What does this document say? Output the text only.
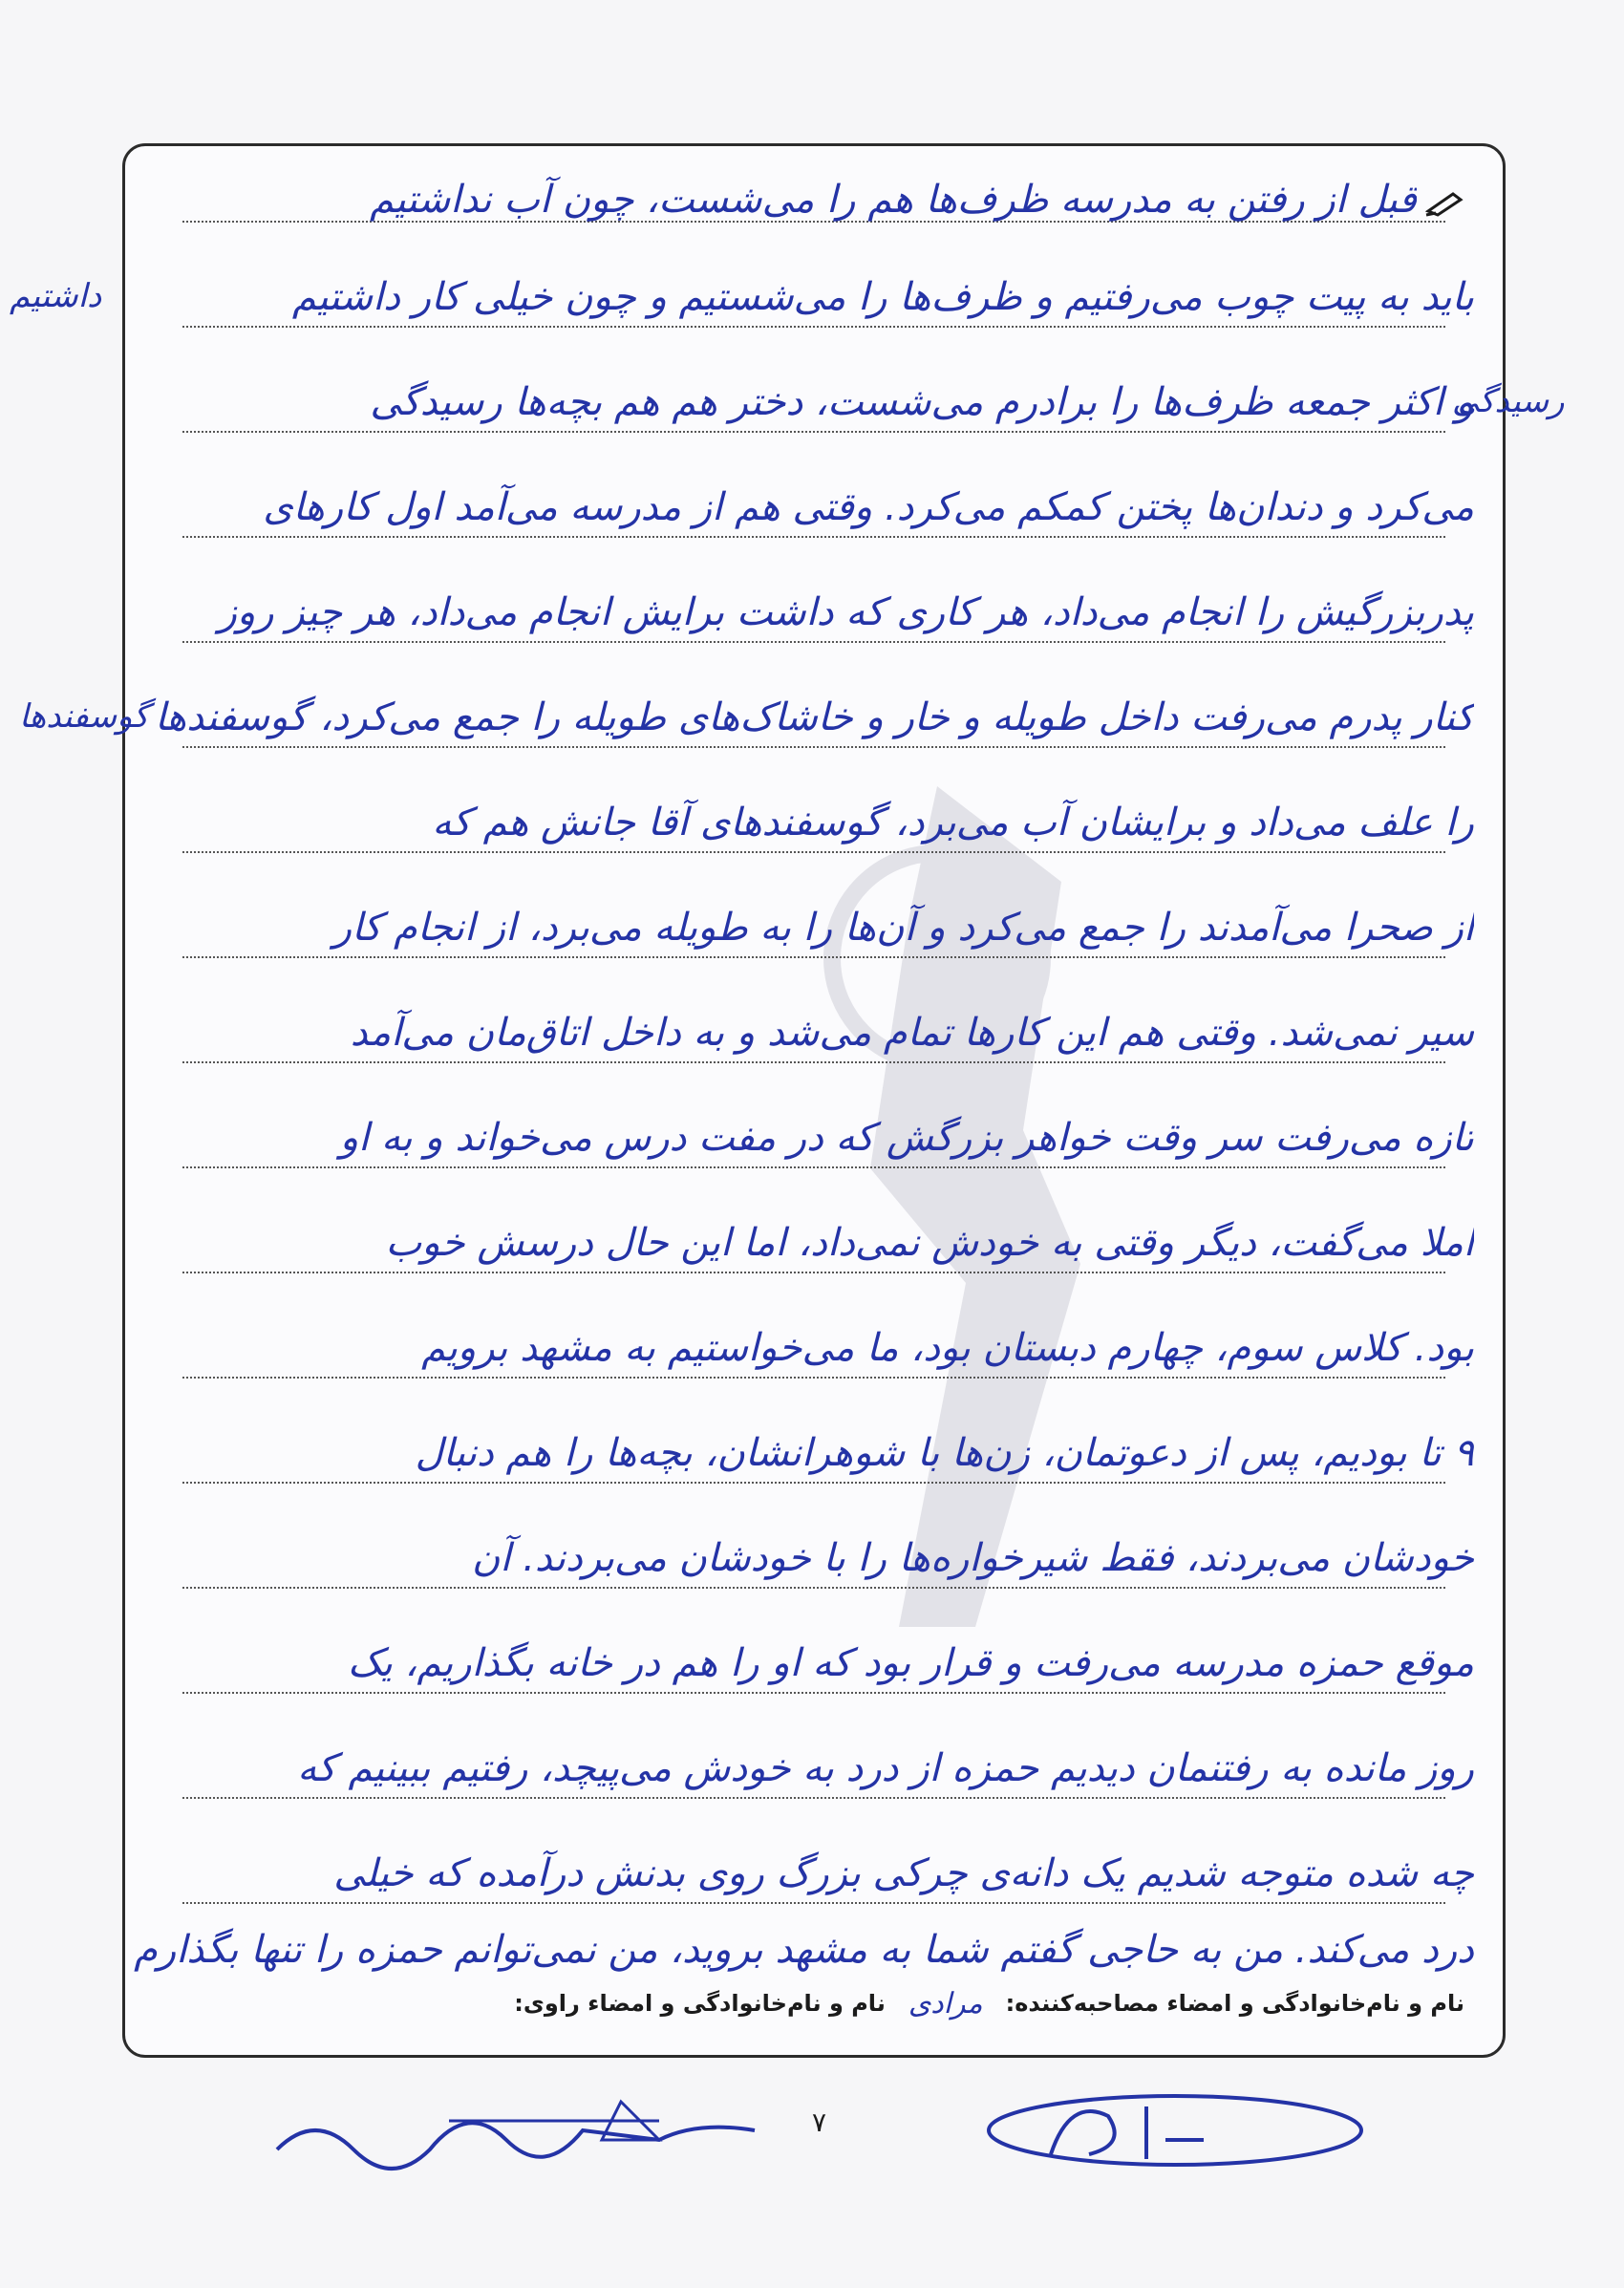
قبل از رفتن به مدرسه ظرف‌ها هم را می‌شست، چون آب نداشتیم
باید به پیت چوب می‌رفتیم و ظرف‌ها را می‌شستیم و چون خیلی کار داشتیم
و اکثر جمعه ظرف‌ها را برادرم می‌شست، دختر هم هم بچه‌ها رسیدگی
می‌کرد و دندان‌ها پختن کمکم می‌کرد. وقتی هم از مدرسه می‌آمد اول کارهای
پدربزرگیش را انجام می‌داد، هر کاری که داشت برایش انجام می‌داد، هر چیز روز
کنار پدرم می‌رفت داخل طویله و خار و خاشاک‌های طویله را جمع می‌کرد، گوسفندها
را علف می‌داد و برایشان آب می‌برد، گوسفندهای آقا جانش هم که
از صحرا می‌آمدند را جمع می‌کرد و آن‌ها را به طویله می‌برد، از انجام کار
سیر نمی‌شد. وقتی هم این کارها تمام می‌شد و به داخل اتاق‌مان می‌آمد
تازه می‌رفت سر وقت خواهر بزرگش که در مفت درس می‌خواند و به او
املا می‌گفت، دیگر وقتی به خودش نمی‌داد، اما این حال درسش خوب
بود. کلاس سوم، چهارم دبستان بود، ما می‌خواستیم به مشهد برویم
۹ تا بودیم، پس از دعوتمان، زن‌ها با شوهرانشان، بچه‌ها را هم دنبال
خودشان می‌بردند، فقط شیرخواره‌ها را با خودشان می‌بردند. آن
موقع حمزه مدرسه می‌رفت و قرار بود که او را هم در خانه بگذاریم، یک
روز مانده به رفتنمان دیدیم حمزه از درد به خودش می‌پیچد، رفتیم ببینیم که
چه شده متوجه شدیم یک دانه‌ی چرکی بزرگ روی بدنش درآمده که خیلی
درد می‌کند. من به حاجی گفتم شما به مشهد بروید، من نمی‌توانم حمزه را تنها بگذارم
نام و نام‌خانوادگی و امضاء مصاحبه‌کننده:
مرادی
نام و نام‌خانوادگی و امضاء راوی:
گوسفندها
داشتیم
رسیدگی
۷
